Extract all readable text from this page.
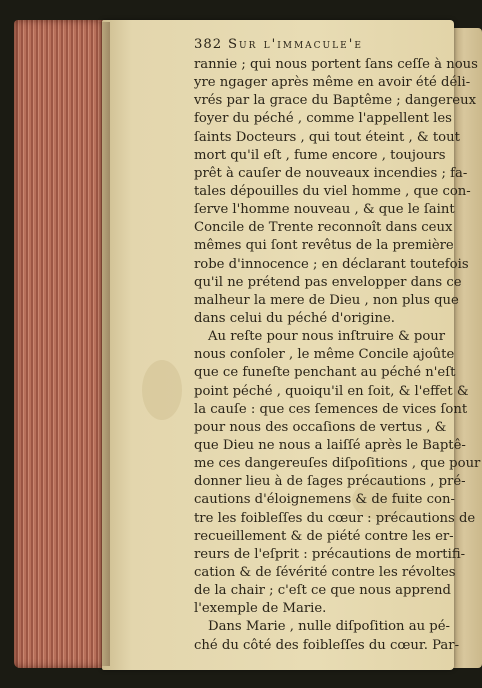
382 Sur l'immacule'e
rannie ; qui nous portent ſans ceſſe à nous
yre ngager après même en avoir été déli-
vrés par la grace du Baptême ; dangereux
foyer du péché , comme l'appellent les
ſaints Docteurs , qui tout éteint , & tout
mort qu'il eſt , fume encore , toujours
prêt à cauſer de nouveaux incendies ; fa-
tales dépouilles du viel homme , que con-
ſerve l'homme nouveau , & que le ſaint
Concile de Trente reconnoît dans ceux
mêmes qui ſont revêtus de la première
robe d'innocence ; en déclarant toutefois
qu'il ne prétend pas envelopper dans ce
malheur la mere de Dieu , non plus que
dans celui du péché d'origine.
Au reſte pour nous inſtruire & pour
nous conſoler , le même Concile ajoûte
que ce funeſte penchant au péché n'eſt
point péché , quoiqu'il en ſoit, & l'effet &
la cauſe : que ces ſemences de vices ſont
pour nous des occaſions de vertus , &
que Dieu ne nous a laiſſé après le Baptê-
me ces dangereuſes diſpoſitions , que pour
donner lieu à de ſages précautions , pré-
cautions d'éloignemens & de fuite con-
tre les foibleſſes du cœur : précautions de
recueillement & de piété contre les er-
reurs de l'eſprit : précautions de mortifi-
cation & de ſévérité contre les révoltes
de la chair ; c'eſt ce que nous apprend
l'exemple de Marie.
Dans Marie , nulle diſpoſition au pé-
ché du côté des foibleſſes du cœur. Par-
